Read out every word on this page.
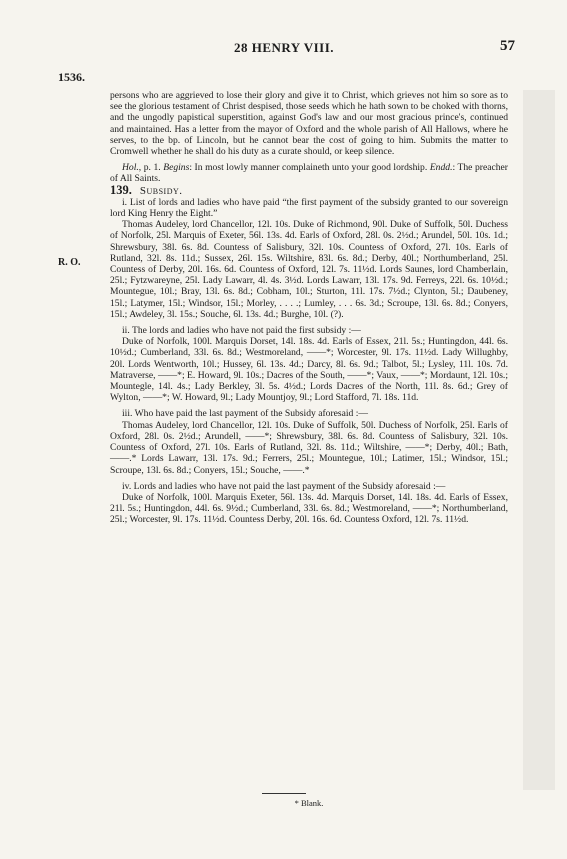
28 HENRY VIII.	57
1536.
R. O.

persons who are aggrieved to lose their glory and give it to Christ, which grieves not him so sore as to see the glorious testament of Christ despised, those seeds which he hath sown to be choked with thorns, and the ungodly papistical superstition, against God's law and our most gracious prince's, continued and maintained. Has a letter from the mayor of Oxford and the whole parish of All Hallows, where he serves, to the bp. of Lincoln, but he cannot bear the cost of going to him. Submits the matter to Cromwell whether he shall do his duty as a curate should, or keep silence.

Hol., p. 1. Begins: In most lowly manner complaineth unto your good lordship. Endd.: The preacher of All Saints.

139. Subsidy.

i. List of lords and ladies who have paid “the first payment of the subsidy granted to our sovereign lord King Henry the Eight.”

Thomas Audeley, lord Chancellor, 12l. 10s. Duke of Richmond, 90l. Duke of Suffolk, 50l. Duchess of Norfolk, 25l. Marquis of Exeter, 56l. 13s. 4d. Earls of Oxford, 28l. 0s. 2½d.; Arundel, 50l. 10s. 1d.; Shrewsbury, 38l. 6s. 8d. Countess of Salisbury, 32l. 10s. Countess of Oxford, 27l. 10s. Earls of Rutland, 32l. 8s. 11d.; Sussex, 26l. 15s. Wiltshire, 83l. 6s. 8d.; Derby, 40l.; Northumberland, 25l. Countess of Derby, 20l. 16s. 6d. Countess of Oxford, 12l. 7s. 11½d. Lords Saunes, lord Chamberlain, 25l.; Fytzwareyne, 25l. Lady Lawarr, 4l. 4s. 3½d. Lords Lawarr, 13l. 17s. 9d. Ferreys, 22l. 6s. 10½d.; Mountegue, 10l.; Bray, 13l. 6s. 8d.; Cobham, 10l.; Sturton, 11l. 17s. 7½d.; Clynton, 5l.; Daubeney, 15l.; Latymer, 15l.; Windsor, 15l.; Morley, . . . .; Lumley, . . . 6s. 3d.; Scroupe, 13l. 6s. 8d.; Conyers, 15l.; Awdeley, 3l. 15s.; Souche, 6l. 13s. 4d.; Burghe, 10l. (?).

ii. The lords and ladies who have not paid the first subsidy :—

Duke of Norfolk, 100l. Marquis Dorset, 14l. 18s. 4d. Earls of Essex, 21l. 5s.; Huntingdon, 44l. 6s. 10½d.; Cumberland, 33l. 6s. 8d.; Westmoreland, ——*; Worcester, 9l. 17s. 11½d. Lady Willughby, 20l. Lords Wentworth, 10l.; Hussey, 6l. 13s. 4d.; Darcy, 8l. 6s. 9d.; Talbot, 5l.; Lysley, 11l. 10s. 7d. Matraverse, ——*; E. Howard, 9l. 10s.; Dacres of the South, ——*; Vaux, ——*; Mordaunt, 12l. 10s.; Mountegle, 14l. 4s.; Lady Berkley, 3l. 5s. 4½d.; Lords Dacres of the North, 11l. 8s. 6d.; Grey of Wylton, ——*; W. Howard, 9l.; Lady Mountjoy, 9l.; Lord Stafford, 7l. 18s. 11d.

iii. Who have paid the last payment of the Subsidy aforesaid :—

Thomas Audeley, lord Chancellor, 12l. 10s. Duke of Suffolk, 50l. Duchess of Norfolk, 25l. Earls of Oxford, 28l. 0s. 2½d.; Arundell, ——*; Shrewsbury, 38l. 6s. 8d. Countess of Salisbury, 32l. 10s. Countess of Oxford, 27l. 10s. Earls of Rutland, 32l. 8s. 11d.; Wiltshire, ——*; Derby, 40l.; Bath, ——.* Lords Lawarr, 13l. 17s. 9d.; Ferrers, 25l.; Mountegue, 10l.; Latimer, 15l.; Windsor, 15l.; Scroupe, 13l. 6s. 8d.; Conyers, 15l.; Souche, ——.*

iv. Lords and ladies who have not paid the last payment of the Subsidy aforesaid :—

Duke of Norfolk, 100l. Marquis Exeter, 56l. 13s. 4d. Marquis Dorset, 14l. 18s. 4d. Earls of Essex, 21l. 5s.; Huntingdon, 44l. 6s. 9½d.; Cumberland, 33l. 6s. 8d.; Westmoreland, ——*; Northumberland, 25l.; Worcester, 9l. 17s. 11½d. Countess Derby, 20l. 16s. 6d. Countess Oxford, 12l. 7s. 11½d.

* Blank.
